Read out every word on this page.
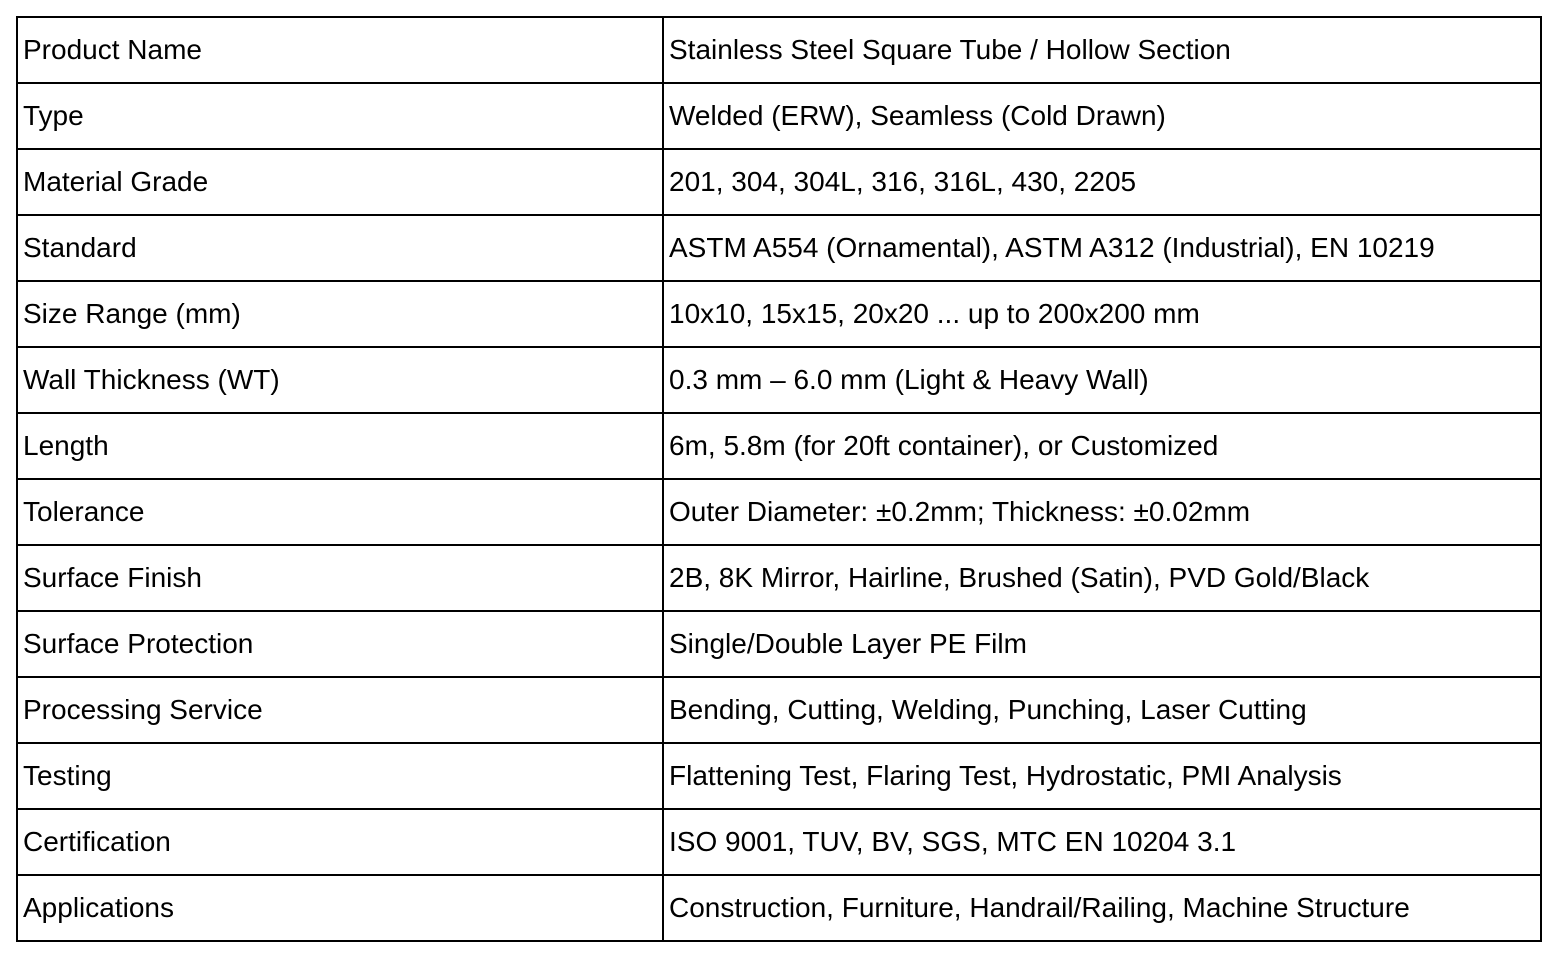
Product Name	Stainless Steel Square Tube / Hollow Section
Type	Welded (ERW), Seamless (Cold Drawn)
Material Grade	201, 304, 304L, 316, 316L, 430, 2205
Standard	ASTM A554 (Ornamental), ASTM A312 (Industrial), EN 10219
Size Range (mm)	10x10, 15x15, 20x20 ... up to 200x200 mm
Wall Thickness (WT)	0.3 mm – 6.0 mm (Light & Heavy Wall)
Length	6m, 5.8m (for 20ft container), or Customized
Tolerance	Outer Diameter: ±0.2mm; Thickness: ±0.02mm
Surface Finish	2B, 8K Mirror, Hairline, Brushed (Satin), PVD Gold/Black
Surface Protection	Single/Double Layer PE Film
Processing Service	Bending, Cutting, Welding, Punching, Laser Cutting
Testing	Flattening Test, Flaring Test, Hydrostatic, PMI Analysis
Certification	ISO 9001, TUV, BV, SGS, MTC EN 10204 3.1
Applications	Construction, Furniture, Handrail/Railing, Machine Structure
